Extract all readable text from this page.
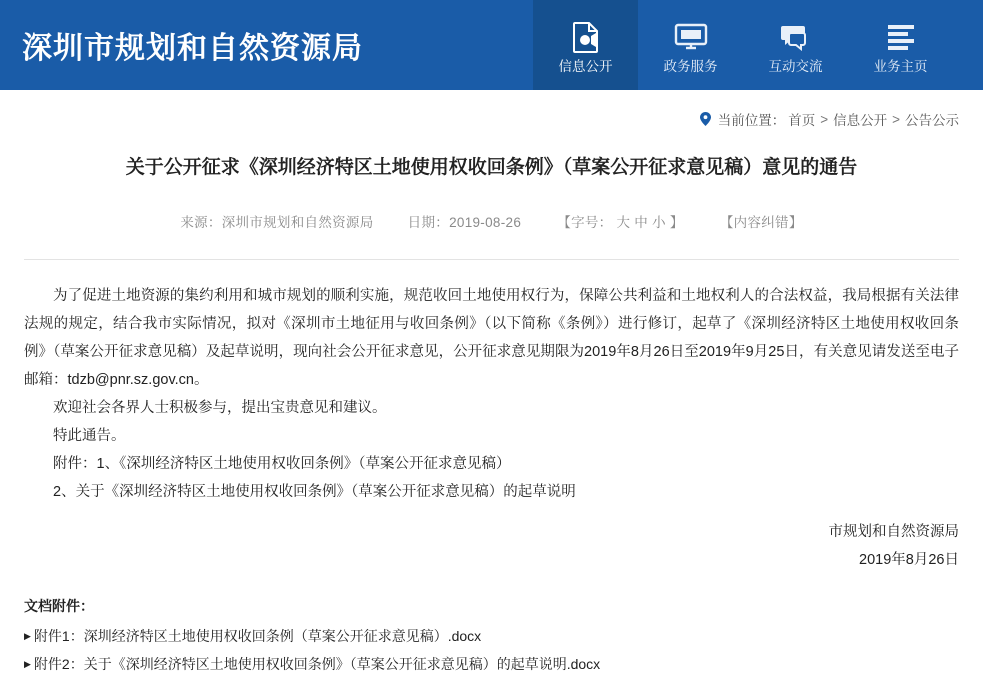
深圳市规划和自然资源局
信息公开	政务服务	互动交流	业务主页
当前位置： 首页 > 信息公开 > 公告公示
关于公开征求《深圳经济特区土地使用权收回条例》（草案公开征求意见稿）意见的通告
来源：深圳市规划和自然资源局	日期：2019-08-26	【字号： 大 中 小 】	【内容纠错】

为了促进土地资源的集约利用和城市规划的顺利实施，规范收回土地使用权行为，保障公共利益和土地权利人的合法权益，我局根据有关法律法规的规定，结合我市实际情况，拟对《深圳市土地征用与收回条例》（以下简称《条例》）进行修订，起草了《深圳经济特区土地使用权收回条例》（草案公开征求意见稿）及起草说明，现向社会公开征求意见，公开征求意见期限为2019年8月26日至2019年9月25日，有关意见请发送至电子邮箱：tdzb@pnr.sz.gov.cn。

欢迎社会各界人士积极参与，提出宝贵意见和建议。

特此通告。

附件：1、《深圳经济特区土地使用权收回条例》（草案公开征求意见稿）

2、关于《深圳经济特区土地使用权收回条例》（草案公开征求意见稿）的起草说明

市规划和自然资源局
2019年8月26日
文档附件：
▶ 附件1：深圳经济特区土地使用权收回条例（草案公开征求意见稿）.docx
▶ 附件2：关于《深圳经济特区土地使用权收回条例》（草案公开征求意见稿）的起草说明.docx
